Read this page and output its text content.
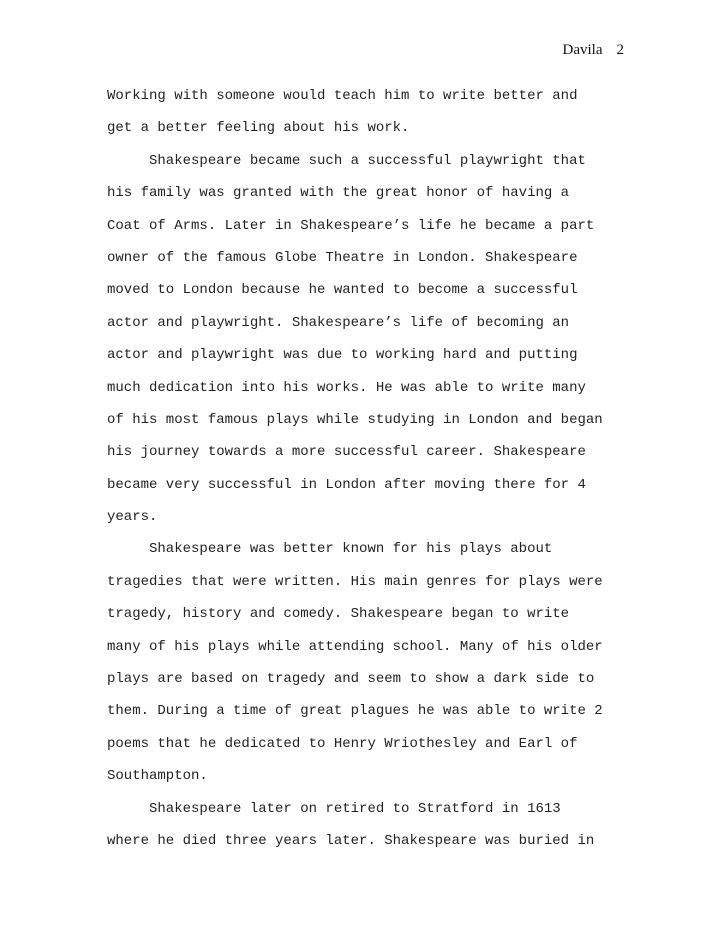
Davila 2
Working with someone would teach him to write better and
get a better feeling about his work.
Shakespeare became such a successful playwright that
his family was granted with the great honor of having a
Coat of Arms. Later in Shakespeare’s life he became a part
owner of the famous Globe Theatre in London. Shakespeare
moved to London because he wanted to become a successful
actor and playwright. Shakespeare’s life of becoming an
actor and playwright was due to working hard and putting
much dedication into his works. He was able to write many
of his most famous plays while studying in London and began
his journey towards a more successful career. Shakespeare
became very successful in London after moving there for 4
years.
Shakespeare was better known for his plays about
tragedies that were written. His main genres for plays were
tragedy, history and comedy. Shakespeare began to write
many of his plays while attending school. Many of his older
plays are based on tragedy and seem to show a dark side to
them. During a time of great plagues he was able to write 2
poems that he dedicated to Henry Wriothesley and Earl of
Southampton.
Shakespeare later on retired to Stratford in 1613
where he died three years later. Shakespeare was buried in
